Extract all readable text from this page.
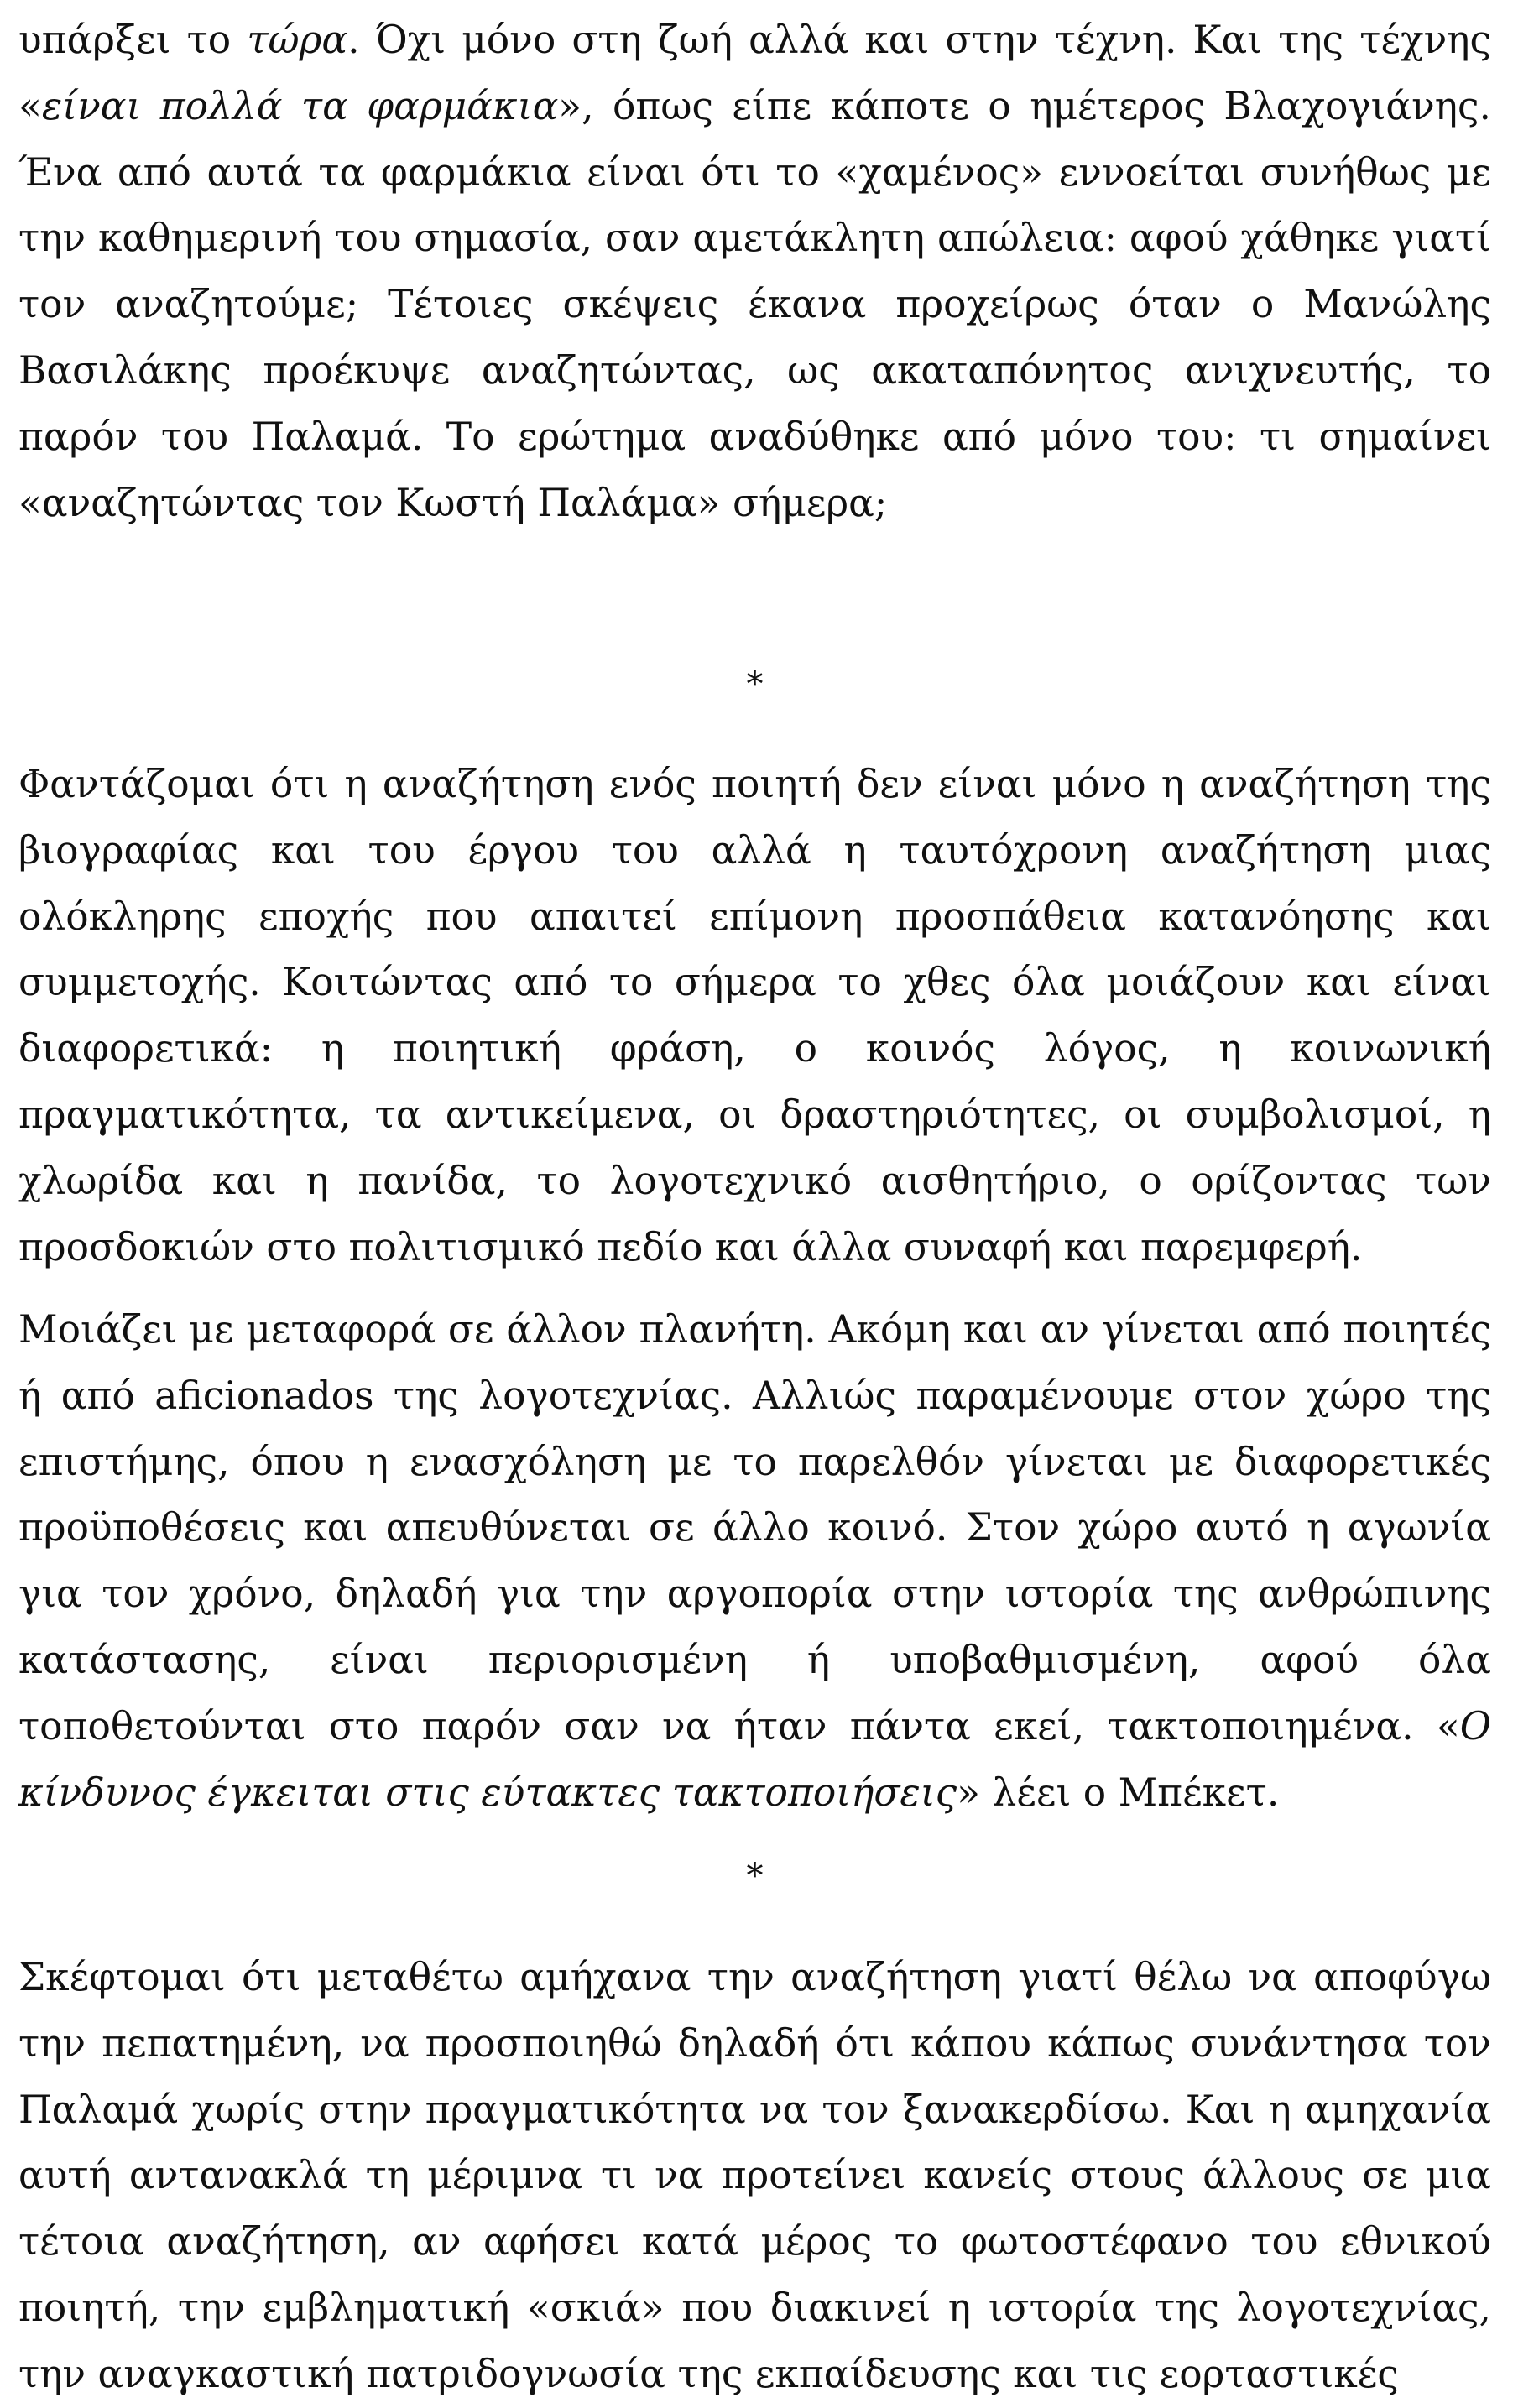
υπάρξει το τώρα. Όχι μόνο στη ζωή αλλά και στην τέχνη. Και της τέχνης «είναι πολλά τα φαρμάκια», όπως είπε κάποτε ο ημέτερος Βλαχογιάνης. Ένα από αυτά τα φαρμάκια είναι ότι το «χαμένος» εννοείται συνήθως με την καθημερινή του σημασία, σαν αμετάκλητη απώλεια: αφού χάθηκε γιατί τον αναζητούμε; Τέτοιες σκέψεις έκανα προχείρως όταν ο Μανώλης Βασιλάκης προέκυψε αναζητώντας, ως ακαταπόνητος ανιχνευτής, το παρόν του Παλαμά. Το ερώτημα αναδύθηκε από μόνο του: τι σημαίνει «αναζητώντας τον Κωστή Παλάμα» σήμερα;

*

Φαντάζομαι ότι η αναζήτηση ενός ποιητή δεν είναι μόνο η αναζήτηση της βιογραφίας και του έργου του αλλά η ταυτόχρονη αναζήτηση μιας ολόκληρης εποχής που απαιτεί επίμονη προσπάθεια κατανόησης και συμμετοχής. Κοιτώντας από το σήμερα το χθες όλα μοιάζουν και είναι διαφορετικά: η ποιητική φράση, ο κοινός λόγος, η κοινωνική πραγματικότητα, τα αντικείμενα, οι δραστηριότητες, οι συμβολισμοί, η χλωρίδα και η πανίδα, το λογοτεχνικό αισθητήριο, ο ορίζοντας των προσδοκιών στο πολιτισμικό πεδίο και άλλα συναφή και παρεμφερή.

Μοιάζει με μεταφορά σε άλλον πλανήτη. Ακόμη και αν γίνεται από ποιητές ή από aficionados της λογοτεχνίας. Αλλιώς παραμένουμε στον χώρο της επιστήμης, όπου η ενασχόληση με το παρελθόν γίνεται με διαφορετικές προϋποθέσεις και απευθύνεται σε άλλο κοινό. Στον χώρο αυτό η αγωνία για τον χρόνο, δηλαδή για την αργοπορία στην ιστορία της ανθρώπινης κατάστασης, είναι περιορισμένη ή υποβαθμισμένη, αφού όλα τοποθετούνται στο παρόν σαν να ήταν πάντα εκεί, τακτοποιημένα. «Ο κίνδυνος έγκειται στις εύτακτες τακτοποιήσεις» λέει ο Μπέκετ.

*

Σκέφτομαι ότι μεταθέτω αμήχανα την αναζήτηση γιατί θέλω να αποφύγω την πεπατημένη, να προσποιηθώ δηλαδή ότι κάπου κάπως συνάντησα τον Παλαμά χωρίς στην πραγματικότητα να τον ξανακερδίσω. Και η αμηχανία αυτή αντανακλά τη μέριμνα τι να προτείνει κανείς στους άλλους σε μια τέτοια αναζήτηση, αν αφήσει κατά μέρος το φωτοστέφανο του εθνικού ποιητή, την εμβληματική «σκιά» που διακινεί η ιστορία της λογοτεχνίας, την αναγκαστική πατριδογνωσία της εκπαίδευσης και τις εορταστικές
